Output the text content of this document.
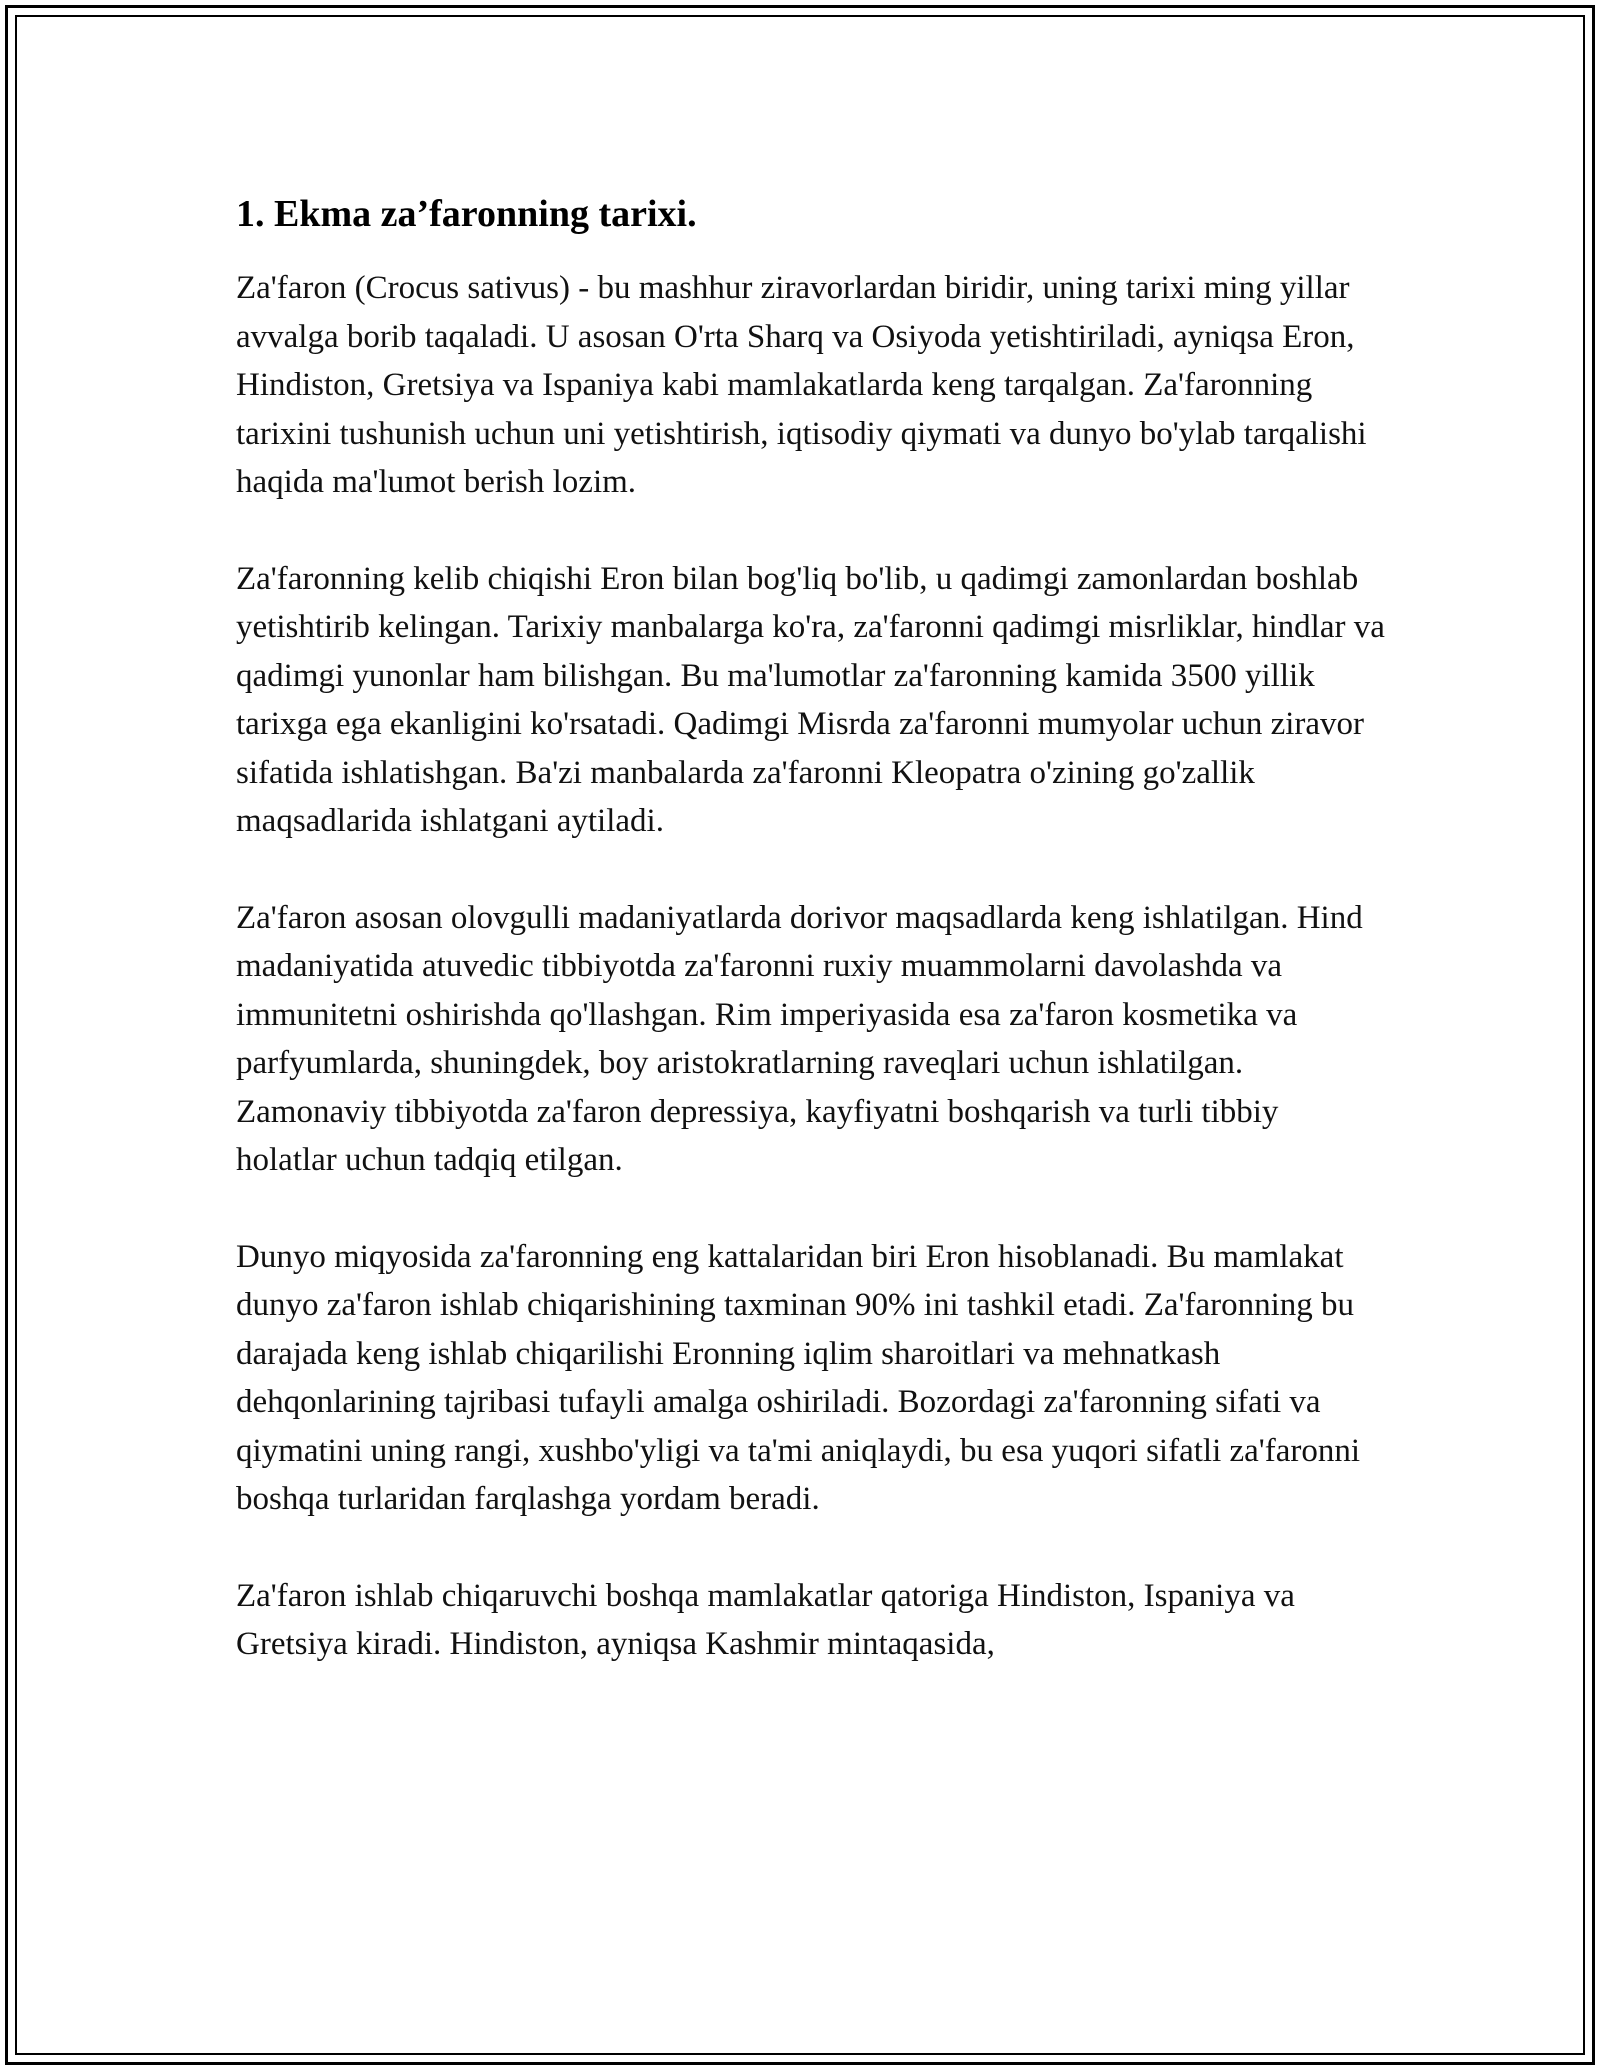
1. Ekma za’faronning tarixi.

Za'faron (Crocus sativus) - bu mashhur ziravorlardan biridir, uning tarixi ming yillar avvalga borib taqaladi. U asosan O'rta Sharq va Osiyoda yetishtiriladi, ayniqsa Eron, Hindiston, Gretsiya va Ispaniya kabi mamlakatlarda keng tarqalgan. Za'faronning tarixini tushunish uchun uni yetishtirish, iqtisodiy qiymati va dunyo bo'ylab tarqalishi haqida ma'lumot berish lozim.

Za'faronning kelib chiqishi Eron bilan bog'liq bo'lib, u qadimgi zamonlardan boshlab yetishtirib kelingan. Tarixiy manbalarga ko'ra, za'faronni qadimgi misrliklar, hindlar va qadimgi yunonlar ham bilishgan. Bu ma'lumotlar za'faronning kamida 3500 yillik tarixga ega ekanligini ko'rsatadi. Qadimgi Misrda za'faronni mumyolar uchun ziravor sifatida ishlatishgan. Ba'zi manbalarda za'faronni Kleopatra o'zining go'zallik maqsadlarida ishlatgani aytiladi.

Za'faron asosan olovgulli madaniyatlarda dorivor maqsadlarda keng ishlatilgan. Hind madaniyatida atuvedic tibbiyotda za'faronni ruxiy muammolarni davolashda va immunitetni oshirishda qo'llashgan. Rim imperiyasida esa za'faron kosmetika va parfyumlarda, shuningdek, boy aristokratlarning raveqlari uchun ishlatilgan. Zamonaviy tibbiyotda za'faron depressiya, kayfiyatni boshqarish va turli tibbiy holatlar uchun tadqiq etilgan.

Dunyo miqyosida za'faronning eng kattalaridan biri Eron hisoblanadi. Bu mamlakat dunyo za'faron ishlab chiqarishining taxminan 90% ini tashkil etadi. Za'faronning bu darajada keng ishlab chiqarilishi Eronning iqlim sharoitlari va mehnatkash dehqonlarining tajribasi tufayli amalga oshiriladi. Bozordagi za'faronning sifati va qiymatini uning rangi, xushbo'yligi va ta'mi aniqlaydi, bu esa yuqori sifatli za'faronni boshqa turlaridan farqlashga yordam beradi.

Za'faron ishlab chiqaruvchi boshqa mamlakatlar qatoriga Hindiston, Ispaniya va Gretsiya kiradi. Hindiston, ayniqsa Kashmir mintaqasida,
